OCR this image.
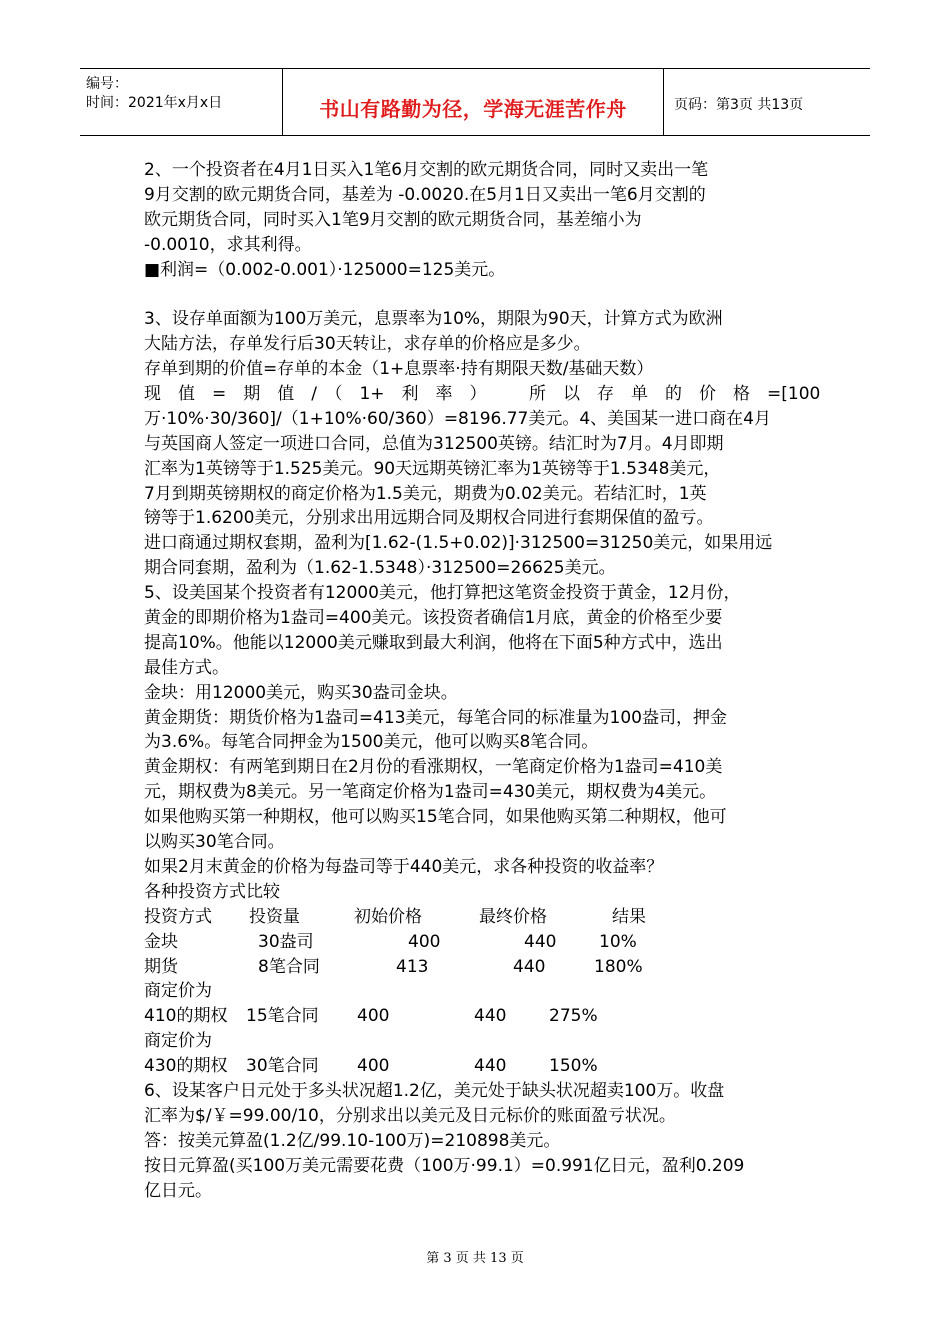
编号：
时间：2021年x月x日	书山有路勤为径，学海无涯苦作舟	页码：第3页 共13页
2、一个投资者在4月1日买入1笔6月交割的欧元期货合同，同时又卖出一笔
9月交割的欧元期货合同，基差为 -0.0020.在5月1日又卖出一笔6月交割的
欧元期货合同，同时买入1笔9月交割的欧元期货合同，基差缩小为
-0.0010，求其利得。
■利润=（0.002-0.001）·125000=125美元。
3、设存单面额为100万美元，息票率为10%，期限为90天，计算方式为欧洲
大陆方法，存单发行后30天转让，求存单的价格应是多少。
存单到期的价值=存单的本金（1+息票率·持有期限天数/基础天数）
现　值　=　期　值　/　（　1+　利　率　）　　　所　以　存　单　的　价　格　=[100
万·10%·30/360]/（1+10%·60/360）=8196.77美元。4、美国某一进口商在4月
与英国商人签定一项进口合同，总值为312500英镑。结汇时为7月。4月即期
汇率为1英镑等于1.525美元。90天远期英镑汇率为1英镑等于1.5348美元，
7月到期英镑期权的商定价格为1.5美元，期费为0.02美元。若结汇时，1英
镑等于1.6200美元，分别求出用远期合同及期权合同进行套期保值的盈亏。
进口商通过期权套期，盈利为[1.62-(1.5+0.02)]·312500=31250美元，如果用远
期合同套期，盈利为（1.62-1.5348）·312500=26625美元。
5、设美国某个投资者有12000美元，他打算把这笔资金投资于黄金，12月份，
黄金的即期价格为1盎司=400美元。该投资者确信1月底，黄金的价格至少要
提高10%。他能以12000美元赚取到最大利润，他将在下面5种方式中，选出
最佳方式。
金块：用12000美元，购买30盎司金块。
黄金期货：期货价格为1盎司=413美元，每笔合同的标准量为100盎司，押金
为3.6%。每笔合同押金为1500美元，他可以购买8笔合同。
黄金期权：有两笔到期日在2月份的看涨期权，一笔商定价格为1盎司=410美
元，期权费为8美元。另一笔商定价格为1盎司=430美元，期权费为4美元。
如果他购买第一种期权，他可以购买15笔合同，如果他购买第二种期权，他可
以购买30笔合同。
如果2月末黄金的价格为每盎司等于440美元，求各种投资的收益率？
各种投资方式比较
投资方式 投资量	初始价格	最终价格	结果
金块	30盎司	400	440	10%
期货	8笔合同	413	440	180%
商定价为
410的期权 15笔合同 400	440	275%
商定价为
430的期权 30笔合同 400	440	150%
6、设某客户日元处于多头状况超1.2亿，美元处于缺头状况超卖100万。收盘
汇率为$/￥=99.00/10，分别求出以美元及日元标价的账面盈亏状况。
答：按美元算盈(1.2亿/99.10-100万)=210898美元。
按日元算盈(买100万美元需要花费（100万·99.1）=0.991亿日元，盈利0.209
亿日元。
第 3 页 共 13 页
